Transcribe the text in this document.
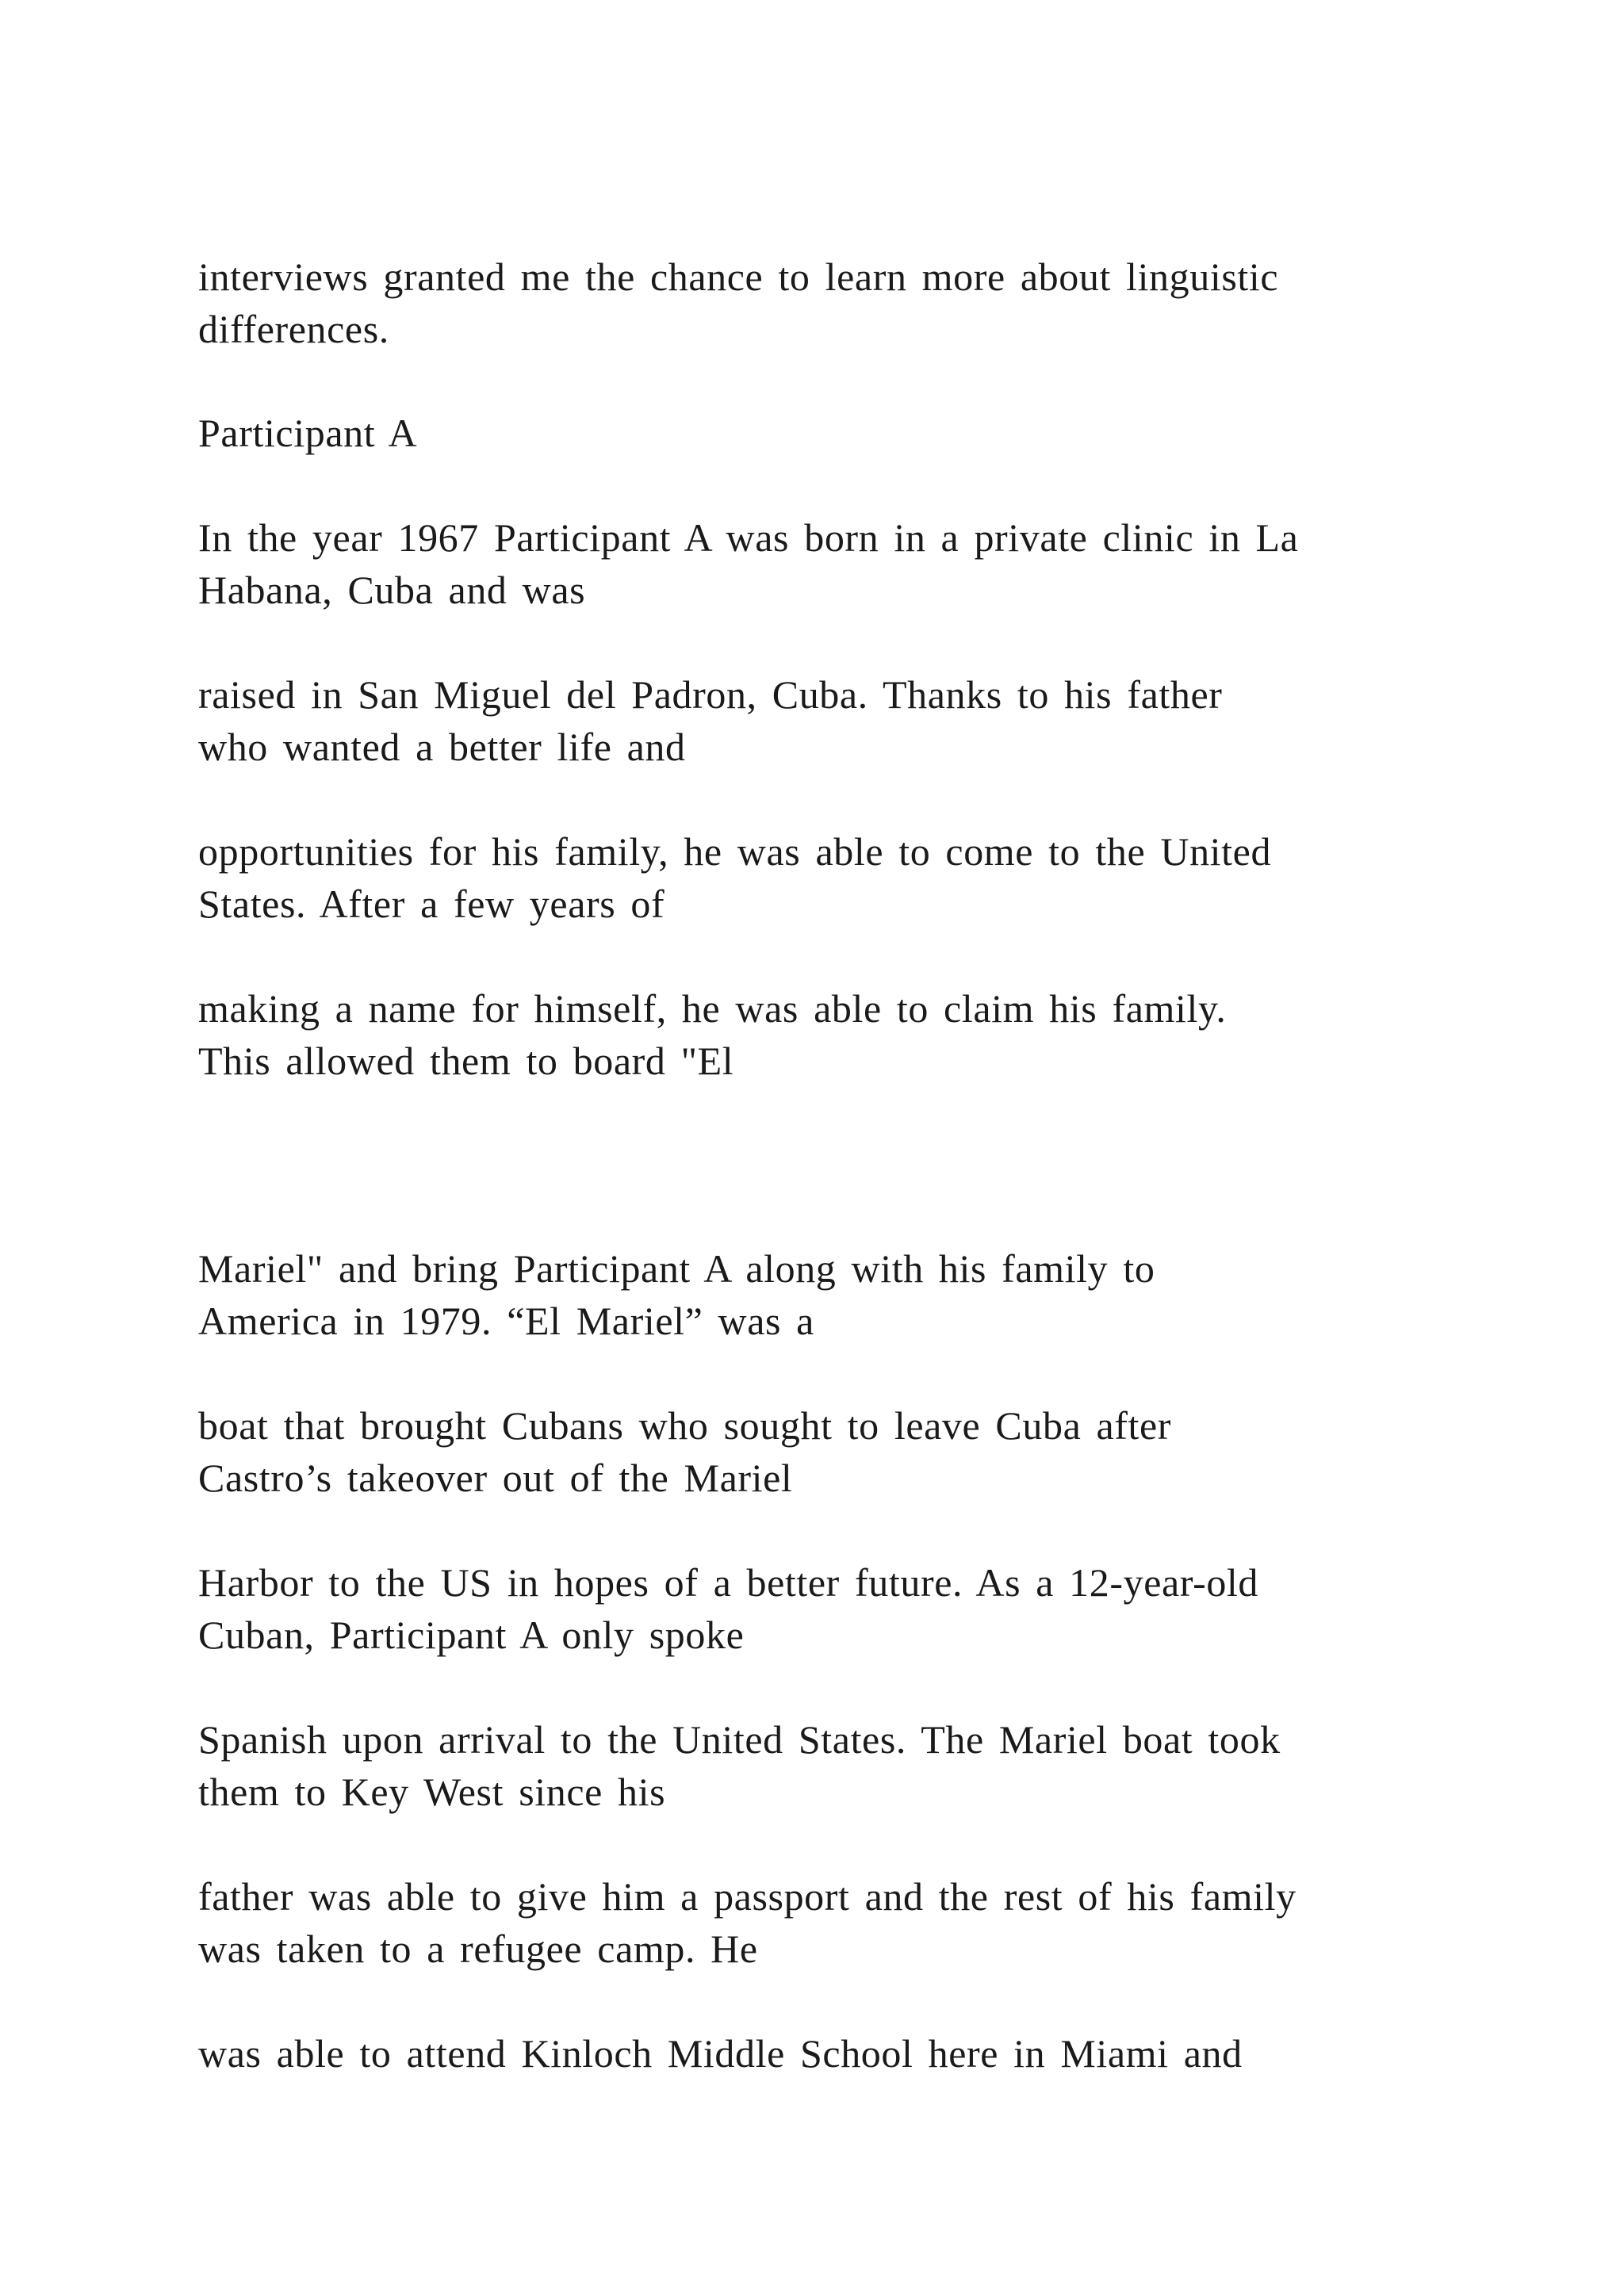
interviews granted me the chance to learn more about linguistic
differences.

Participant A

In the year 1967 Participant A was born in a private clinic in La
Habana, Cuba and was

raised in San Miguel del Padron, Cuba. Thanks to his father
who wanted a better life and

opportunities for his family, he was able to come to the United
States. After a few years of

making a name for himself, he was able to claim his family.
This allowed them to board "El

Mariel" and bring Participant A along with his family to
America in 1979. “El Mariel” was a

boat that brought Cubans who sought to leave Cuba after
Castro’s takeover out of the Mariel

Harbor to the US in hopes of a better future. As a 12-year-old
Cuban, Participant A only spoke

Spanish upon arrival to the United States. The Mariel boat took
them to Key West since his

father was able to give him a passport and the rest of his family
was taken to a refugee camp. He

was able to attend Kinloch Middle School here in Miami and
